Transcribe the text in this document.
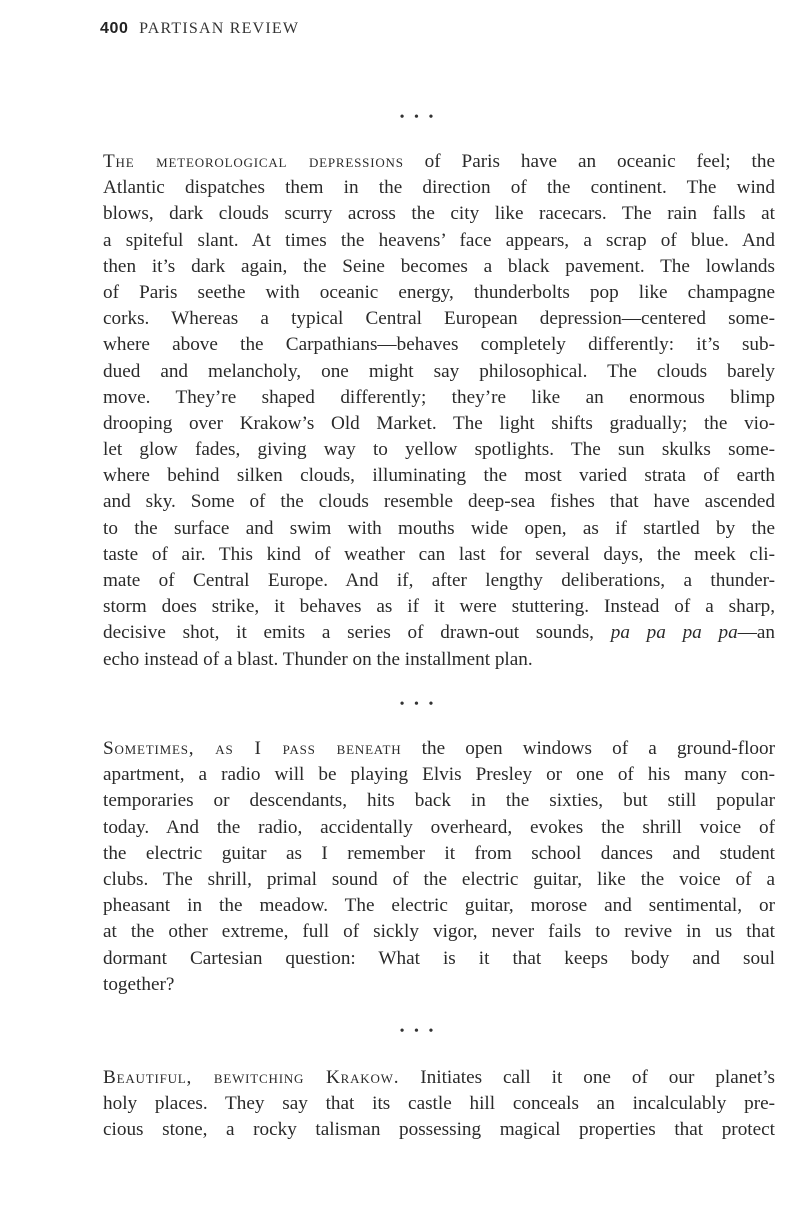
400 PARTISAN REVIEW
• • •
The meteorological depressions of Paris have an oceanic feel; the
Atlantic dispatches them in the direction of the continent. The wind
blows, dark clouds scurry across the city like racecars. The rain falls at
a spiteful slant. At times the heavens’ face appears, a scrap of blue. And
then it’s dark again, the Seine becomes a black pavement. The lowlands
of Paris seethe with oceanic energy, thunderbolts pop like champagne
corks. Whereas a typical Central European depression—centered some-
where above the Carpathians—behaves completely differently: it’s sub-
dued and melancholy, one might say philosophical. The clouds barely
move. They’re shaped differently; they’re like an enormous blimp
drooping over Krakow’s Old Market. The light shifts gradually; the vio-
let glow fades, giving way to yellow spotlights. The sun skulks some-
where behind silken clouds, illuminating the most varied strata of earth
and sky. Some of the clouds resemble deep-sea fishes that have ascended
to the surface and swim with mouths wide open, as if startled by the
taste of air. This kind of weather can last for several days, the meek cli-
mate of Central Europe. And if, after lengthy deliberations, a thunder-
storm does strike, it behaves as if it were stuttering. Instead of a sharp,
decisive shot, it emits a series of drawn-out sounds, pa pa pa pa—an
echo instead of a blast. Thunder on the installment plan.
• • •
Sometimes, as I pass beneath the open windows of a ground-floor
apartment, a radio will be playing Elvis Presley or one of his many con-
temporaries or descendants, hits back in the sixties, but still popular
today. And the radio, accidentally overheard, evokes the shrill voice of
the electric guitar as I remember it from school dances and student
clubs. The shrill, primal sound of the electric guitar, like the voice of a
pheasant in the meadow. The electric guitar, morose and sentimental, or
at the other extreme, full of sickly vigor, never fails to revive in us that
dormant Cartesian question: What is it that keeps body and soul
together?
• • •
Beautiful, bewitching Krakow. Initiates call it one of our planet’s
holy places. They say that its castle hill conceals an incalculably pre-
cious stone, a rocky talisman possessing magical properties that protect
